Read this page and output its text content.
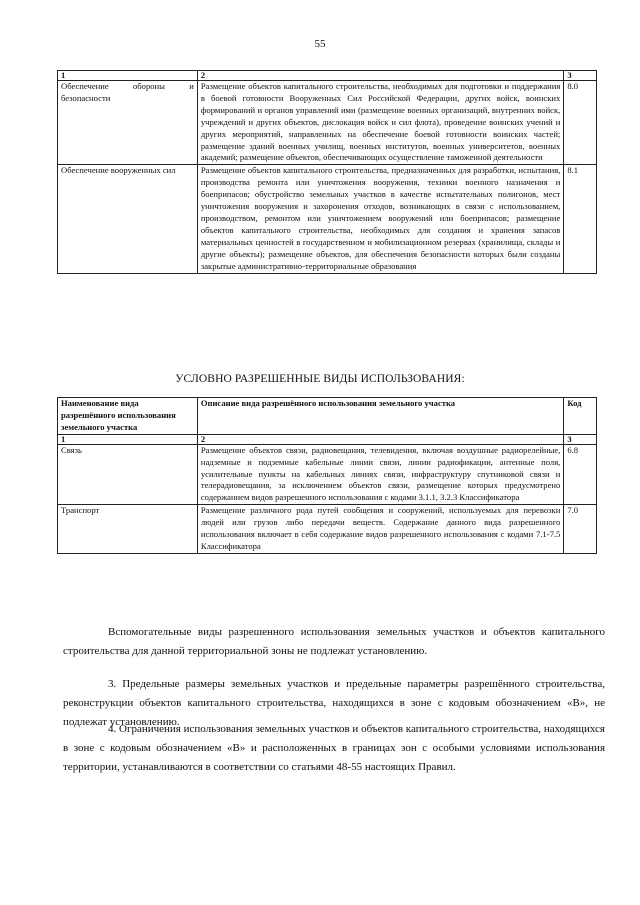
55
1	2	3
Обеспечение обороны и безопасности	Размещение объектов капитального строительства, необходимых для подготовки и поддержания в боевой готовности Вооруженных Сил Российской Федерации, других войск, воинских формирований и органов управлений ими (размещение военных организаций, внутренних войск, учреждений и других объектов, дислокация войск и сил флота), проведение воинских учений и других мероприятий, направленных на обеспечение боевой готовности воинских частей; размещение зданий военных училищ, военных институтов, военных университетов, военных академий; размещение объектов, обеспечивающих осуществление таможенной деятельности	8.0
Обеспечение вооруженных сил	Размещение объектов капитального строительства, предназначенных для разработки, испытания, производства ремонта или уничтожения вооружения, техники военного назначения и боеприпасов; обустройство земельных участков в качестве испытательных полигонов, мест уничтожения вооружения и захоронения отходов, возникающих в связи с использованием, производством, ремонтом или уничтожением вооружений или боеприпасов; размещение объектов капитального строительства, необходимых для создания и хранения запасов материальных ценностей в государственном и мобилизационном резервах (хранилища, склады и другие объекты); размещение объектов, для обеспечения безопасности которых были созданы закрытые административно-территориальные образования	8.1
УСЛОВНО РАЗРЕШЕННЫЕ ВИДЫ ИСПОЛЬЗОВАНИЯ:
Наименование вида разрешённого использования земельного участка	Описание вида разрешённого использования земельного участка	Код
1	2	3
Связь	Размещение объектов связи, радиовещания, телевидения, включая воздушные радиорелейные, надземные и подземные кабельные линии связи, линии радиофикации, антенные поля, усилительные пункты на кабельных линиях связи, инфраструктуру спутниковой связи и телерадиовещания, за исключением объектов связи, размещение которых предусмотрено содержанием видов разрешенного использования с кодами 3.1.1, 3.2.3 Классификатора	6.8
Транспорт	Размещение различного рода путей сообщения и сооружений, используемых для перевозки людей или грузов либо передачи веществ. Содержание данного вида разрешенного использования включает в себя содержание видов разрешенного использования с кодами 7.1-7.5 Классификатора	7.0
Вспомогательные виды разрешенного использования земельных участков и объектов капитального строительства для данной территориальной зоны не подлежат установлению.
3. Предельные размеры земельных участков и предельные параметры разрешённого строительства, реконструкции объектов капитального строительства, находящихся в зоне с кодовым обозначением «В», не подлежат установлению.
4. Ограничения использования земельных участков и объектов капитального строительства, находящихся в зоне с кодовым обозначением «В» и расположенных в границах зон с особыми условиями использования территории, устанавливаются в соответствии со статьями 48-55 настоящих Правил.
